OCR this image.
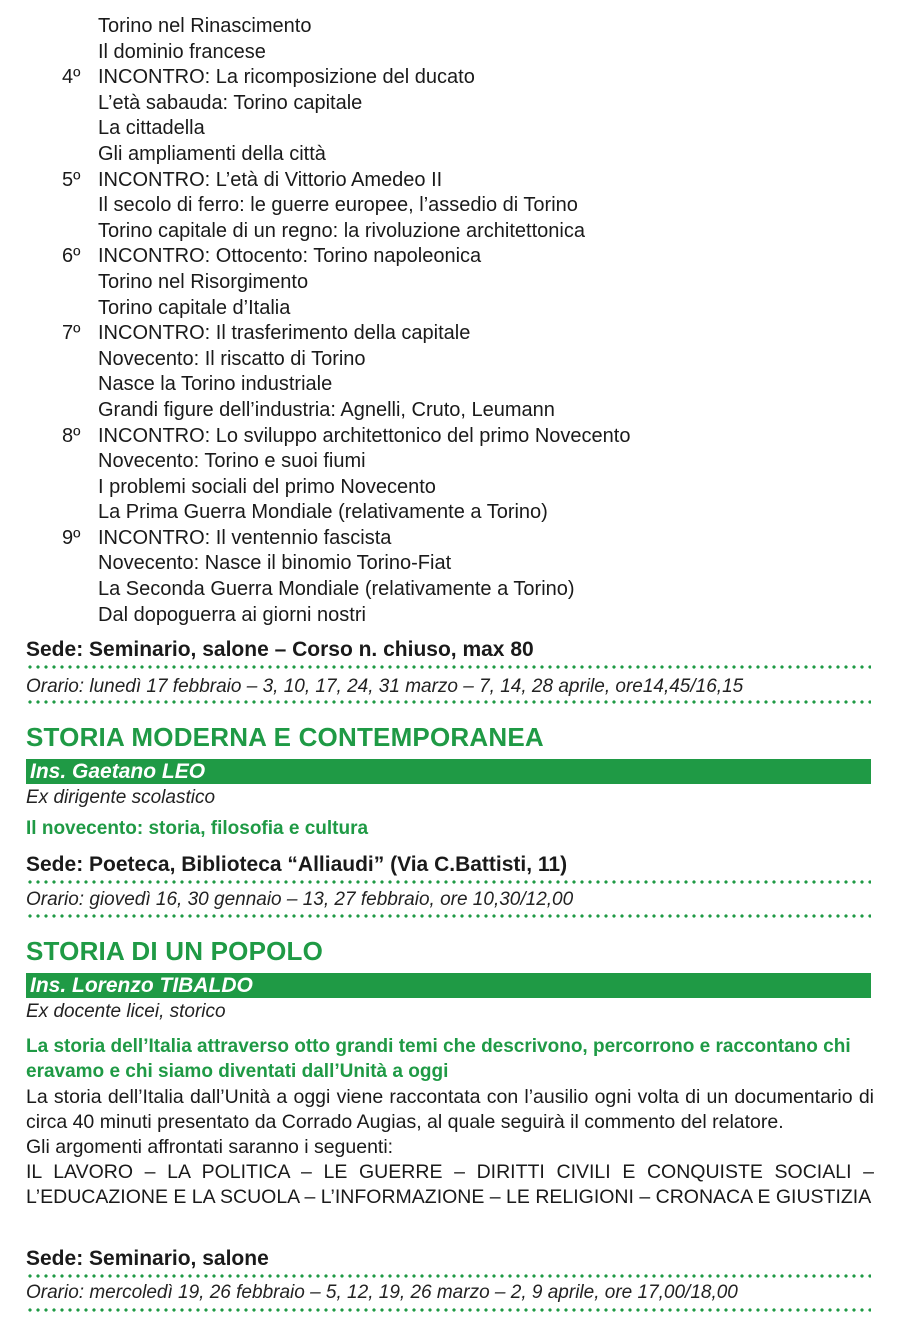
Torino nel Rinascimento
Il dominio francese
4º INCONTRO: La ricomposizione del ducato
L’età sabauda: Torino capitale
La cittadella
Gli ampliamenti della città
5º INCONTRO: L’età di Vittorio Amedeo II
Il secolo di ferro: le guerre europee, l’assedio di Torino
Torino capitale di un regno: la rivoluzione architettonica
6º INCONTRO: Ottocento: Torino napoleonica
Torino nel Risorgimento
Torino capitale d’Italia
7º INCONTRO: Il trasferimento della capitale
Novecento: Il riscatto di Torino
Nasce la Torino industriale
Grandi figure dell’industria: Agnelli, Cruto, Leumann
8º INCONTRO: Lo sviluppo architettonico del primo Novecento
Novecento: Torino e suoi fiumi
I problemi sociali del primo Novecento
La Prima Guerra Mondiale (relativamente a Torino)
9º INCONTRO: Il ventennio fascista
Novecento: Nasce il binomio Torino-Fiat
La Seconda Guerra Mondiale (relativamente a Torino)
Dal dopoguerra ai giorni nostri
Sede: Seminario, salone – Corso n. chiuso, max 80
Orario: lunedì 17 febbraio – 3, 10, 17, 24, 31 marzo – 7, 14, 28 aprile, ore14,45/16,15
STORIA MODERNA E CONTEMPORANEA
Ins. Gaetano LEO
Ex dirigente scolastico
Il novecento: storia, filosofia e cultura
Sede: Poeteca, Biblioteca “Alliaudi” (Via C.Battisti, 11)
Orario: giovedì 16, 30 gennaio – 13, 27 febbraio, ore 10,30/12,00
STORIA DI UN POPOLO
Ins. Lorenzo TIBALDO
Ex docente licei, storico
La storia dell’Italia attraverso otto grandi temi che descrivono, percorrono e raccontano chi eravamo e chi siamo diventati dall’Unità a oggi
La storia dell’Italia dall’Unità a oggi viene raccontata con l’ausilio ogni volta di un documentario di circa 40 minuti presentato da Corrado Augias, al quale seguirà il commento del relatore.
Gli argomenti affrontati saranno i seguenti:
IL LAVORO – LA POLITICA – LE GUERRE – DIRITTI CIVILI E CONQUISTE SOCIALI – L’EDUCAZIONE E LA SCUOLA – L’INFORMAZIONE – LE RELIGIONI – CRONACA E GIUSTIZIA
Sede: Seminario, salone
Orario: mercoledì 19, 26 febbraio – 5, 12, 19, 26 marzo – 2, 9 aprile, ore 17,00/18,00
